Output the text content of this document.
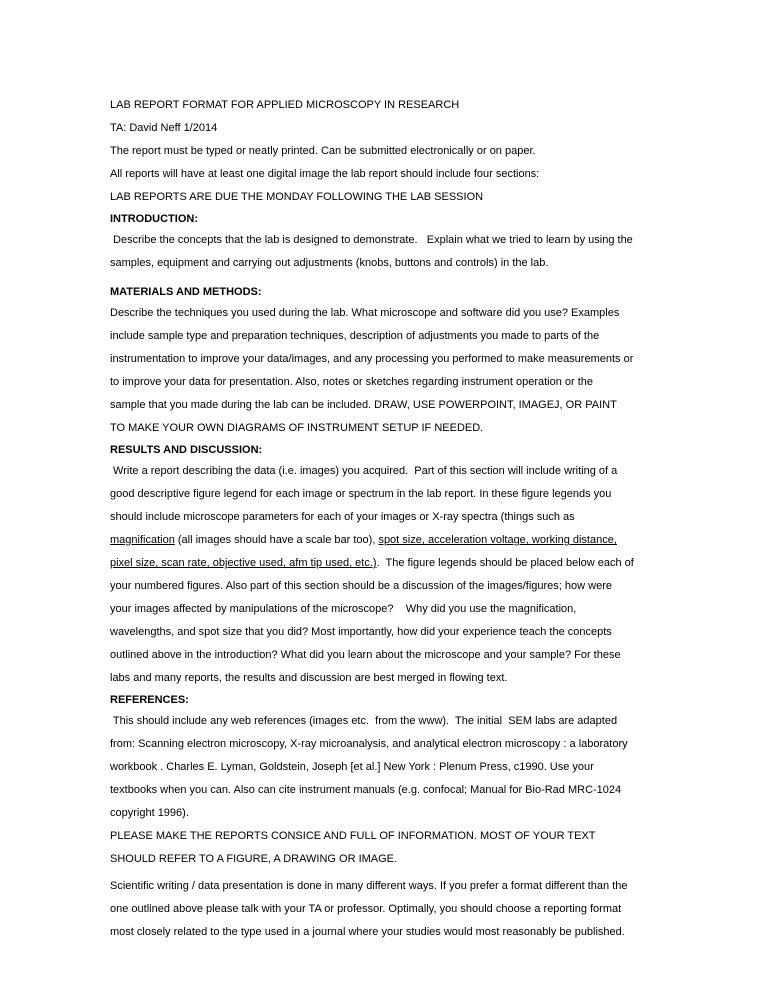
LAB REPORT FORMAT FOR APPLIED MICROSCOPY IN RESEARCH
TA: David Neff 1/2014
The report must be typed or neatly printed. Can be submitted electronically or on paper.
All reports will have at least one digital image the lab report should include four sections:
LAB REPORTS ARE DUE THE MONDAY FOLLOWING THE LAB SESSION
INTRODUCTION:
Describe the concepts that the lab is designed to demonstrate.   Explain what we tried to learn by using the
samples, equipment and carrying out adjustments (knobs, buttons and controls) in the lab.
MATERIALS AND METHODS:
Describe the techniques you used during the lab. What microscope and software did you use? Examples
include sample type and preparation techniques, description of adjustments you made to parts of the
instrumentation to improve your data/images, and any processing you performed to make measurements or
to improve your data for presentation. Also, notes or sketches regarding instrument operation or the
sample that you made during the lab can be included. DRAW, USE POWERPOINT, IMAGEJ, OR PAINT
TO MAKE YOUR OWN DIAGRAMS OF INSTRUMENT SETUP IF NEEDED.
RESULTS AND DISCUSSION:
Write a report describing the data (i.e. images) you acquired.  Part of this section will include writing of a
good descriptive figure legend for each image or spectrum in the lab report. In these figure legends you
should include microscope parameters for each of your images or X-ray spectra (things such as
magnification (all images should have a scale bar too), spot size, acceleration voltage, working distance,
pixel size, scan rate, objective used, afm tip used, etc.).  The figure legends should be placed below each of
your numbered figures. Also part of this section should be a discussion of the images/figures; how were
your images affected by manipulations of the microscope?    Why did you use the magnification,
wavelengths, and spot size that you did? Most importantly, how did your experience teach the concepts
outlined above in the introduction? What did you learn about the microscope and your sample? For these
labs and many reports, the results and discussion are best merged in flowing text.
REFERENCES:
This should include any web references (images etc.  from the www).  The initial  SEM labs are adapted
from: Scanning electron microscopy, X-ray microanalysis, and analytical electron microscopy : a laboratory
workbook . Charles E. Lyman, Goldstein, Joseph [et al.] New York : Plenum Press, c1990. Use your
textbooks when you can. Also can cite instrument manuals (e.g. confocal; Manual for Bio-Rad MRC-1024
copyright 1996).
PLEASE MAKE THE REPORTS CONSICE AND FULL OF INFORMATION. MOST OF YOUR TEXT
SHOULD REFER TO A FIGURE, A DRAWING OR IMAGE.
Scientific writing / data presentation is done in many different ways. If you prefer a format different than the
one outlined above please talk with your TA or professor. Optimally, you should choose a reporting format
most closely related to the type used in a journal where your studies would most reasonably be published.
